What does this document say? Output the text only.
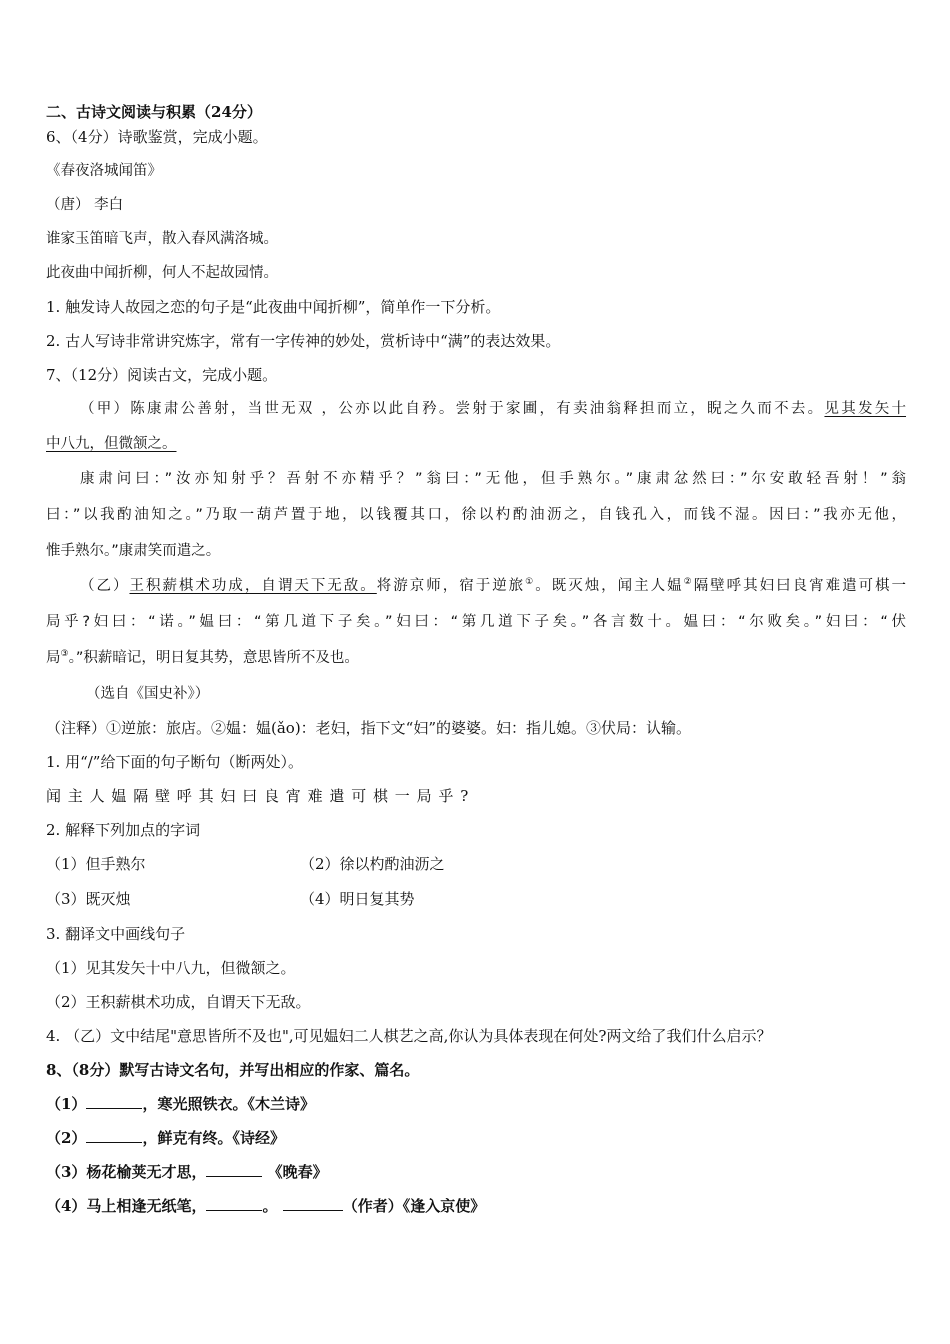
二、古诗文阅读与积累（24分）
6、（4分）诗歌鉴赏，完成小题。
《春夜洛城闻笛》
（唐） 李白
谁家玉笛暗飞声，散入春风满洛城。
此夜曲中闻折柳，何人不起故园情。
1. 触发诗人故园之恋的句子是“此夜曲中闻折柳”，简单作一下分析。
2. 古人写诗非常讲究炼字，常有一字传神的妙处，赏析诗中“满”的表达效果。
7、（12分）阅读古文，完成小题。
（甲）陈康肃公善射，当世无双 ，公亦以此自矜。尝射于家圃，有卖油翁释担而立，睨之久而不去。见其发矢十
中八九，但微颔之。
康肃问曰：”汝亦知射乎？吾射不亦精乎？”翁曰：”无他，但手熟尔。”康肃忿然曰：”尔安敢轻吾射！”翁
曰：”以我酌油知之。”乃取一葫芦置于地，以钱覆其口，徐以杓酌油沥之，自钱孔入，而钱不湿。因曰：”我亦无他，
惟手熟尔。”康肃笑而遣之。
（乙）王积薪棋术功成，自谓天下无敌。将游京师，宿于逆旅①。既灭烛，闻主人媪②隔壁呼其妇曰良宵难遣可棋一
局乎?妇曰：“诺。”媪曰：“第几道下子矣。”妇曰：“第几道下子矣。”各言数十。媪曰：“尔败矣。”妇曰：“伏
局③。”积薪暗记，明日复其势，意思皆所不及也。
（选自《国史补》）
（注释）①逆旅：旅店。②媪：媪(ǎo)：老妇，指下文“妇”的婆婆。妇：指儿媳。③伏局：认输。
1. 用“/”给下面的句子断句（断两处）。
闻主人媪隔壁呼其妇曰良宵难遣可棋一局乎?
2. 解释下列加点的字词
（1）但手熟尔	（2）徐以杓酌油沥之
（3）既灭烛	（4）明日复其势
3. 翻译文中画线句子
（1）见其发矢十中八九，但微颔之。
（2）王积薪棋术功成，自谓天下无敌。
4. （乙）文中结尾"意思皆所不及也",可见媪妇二人棋艺之高,你认为具体表现在何处?两文给了我们什么启示？
8、（8分）默写古诗文名句，并写出相应的作家、篇名。
（1）	，寒光照铁衣。《木兰诗》
（2）	，鲜克有终。《诗经》
（3）杨花榆荚无才思，	《晚春》
（4）马上相逢无纸笔，	。	（作者）《逢入京使》
